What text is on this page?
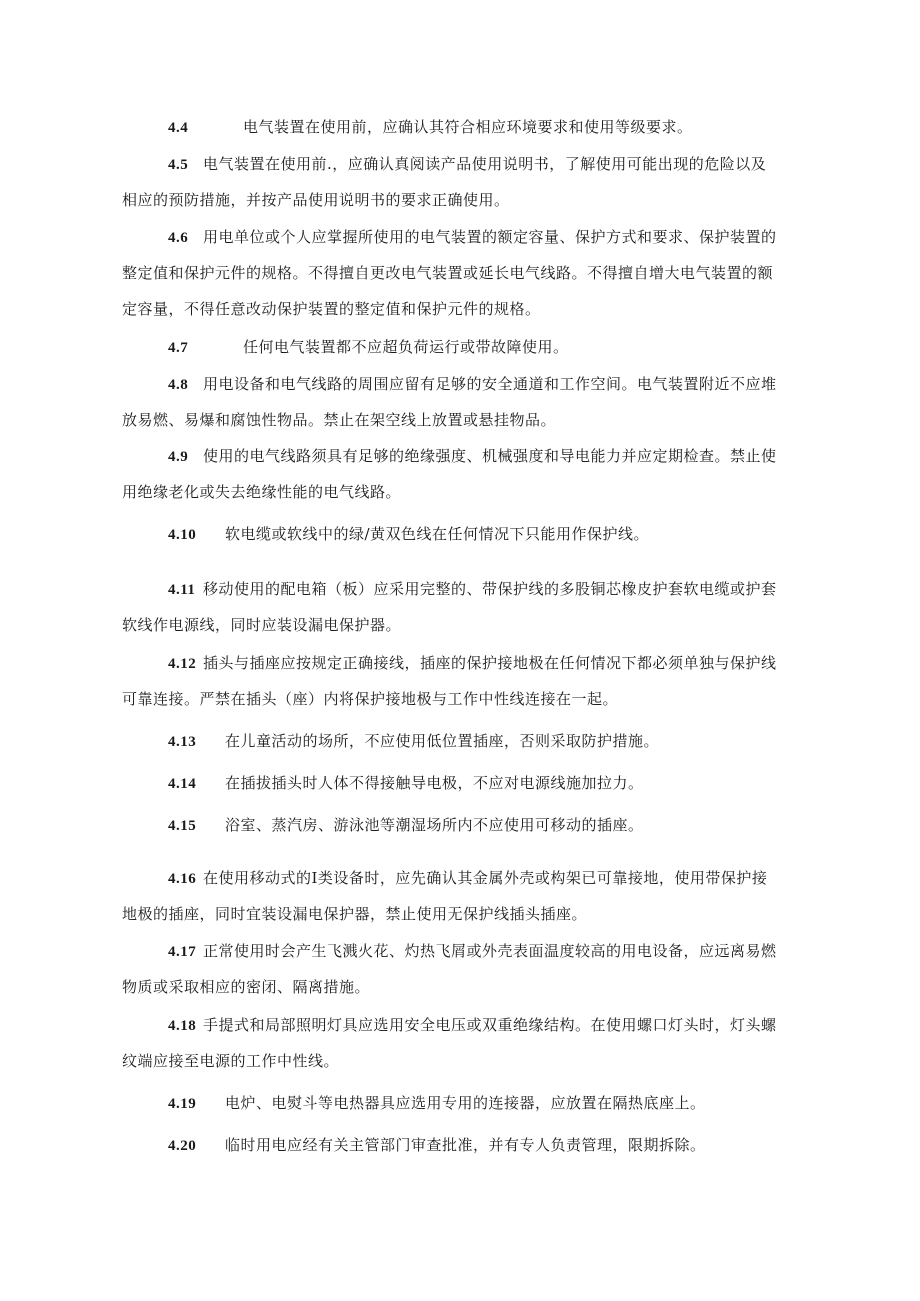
4.4	电气装置在使用前，应确认其符合相应环境要求和使用等级要求。
4.5 电气装置在使用前.，应确认真阅读产品使用说明书，了解使用可能出现的危险以及
相应的预防措施，并按产品使用说明书的要求正确使用。
4.6 用电单位或个人应掌握所使用的电气装置的额定容量、保护方式和要求、保护装置的
整定值和保护元件的规格。不得擅自更改电气装置或延长电气线路。不得擅自增大电气装置的额
定容量，不得任意改动保护装置的整定值和保护元件的规格。
4.7	任何电气装置都不应超负荷运行或带故障使用。
4.8 用电设备和电气线路的周围应留有足够的安全通道和工作空间。电气装置附近不应堆
放易燃、易爆和腐蚀性物品。禁止在架空线上放置或悬挂物品。
4.9 使用的电气线路须具有足够的绝缘强度、机械强度和导电能力并应定期检查。禁止使
用绝缘老化或失去绝缘性能的电气线路。
4.10 软电缆或软线中的绿/黄双色线在任何情况下只能用作保护线。
4.11 移动使用的配电箱（板）应采用完整的、带保护线的多股铜芯橡皮护套软电缆或护套
软线作电源线，同时应装设漏电保护器。
4.12 插头与插座应按规定正确接线，插座的保护接地极在任何情况下都必须单独与保护线
可靠连接。严禁在插头（座）内将保护接地极与工作中性线连接在一起。
4.13 在儿童活动的场所，不应使用低位置插座，否则采取防护措施。
4.14 在插拔插头时人体不得接触导电极，不应对电源线施加拉力。
4.15 浴室、蒸汽房、游泳池等潮湿场所内不应使用可移动的插座。
4.16 在使用移动式的I类设备时，应先确认其金属外壳或构架已可靠接地，使用带保护接
地极的插座，同时宜装设漏电保护器，禁止使用无保护线插头插座。
4.17 正常使用时会产生飞溅火花、灼热飞屑或外壳表面温度较高的用电设备，应远离易燃
物质或采取相应的密闭、隔离措施。
4.18 手提式和局部照明灯具应选用安全电压或双重绝缘结构。在使用螺口灯头时，灯头螺
纹端应接至电源的工作中性线。
4.19 电炉、电熨斗等电热器具应选用专用的连接器，应放置在隔热底座上。
4.20 临时用电应经有关主管部门审查批准，并有专人负责管理，限期拆除。
